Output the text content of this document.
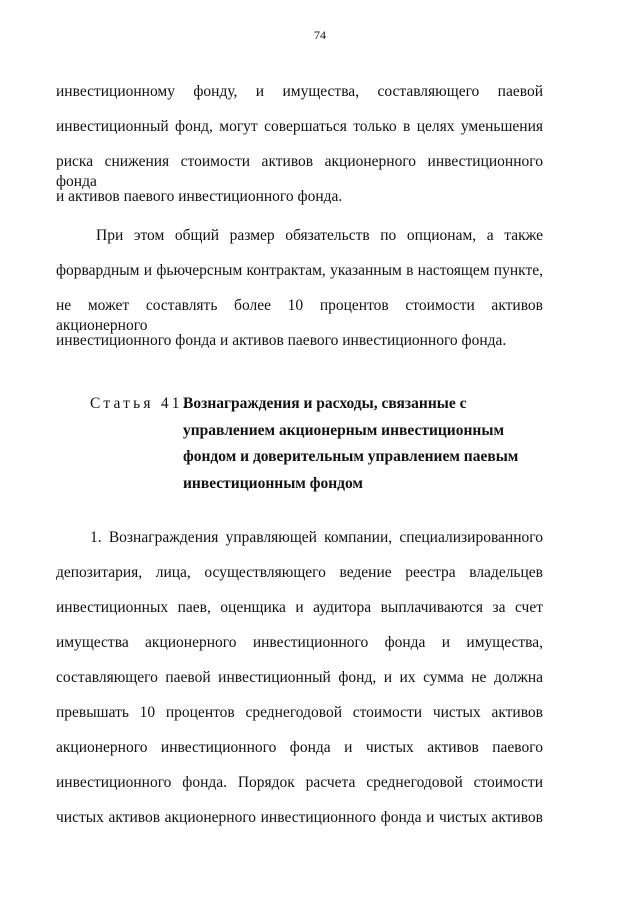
74
инвестиционному фонду, и имущества, составляющего паевой
инвестиционный фонд, могут совершаться только в целях уменьшения
риска снижения стоимости активов акционерного инвестиционного фонда
и активов паевого инвестиционного фонда.
При этом общий размер обязательств по опционам, а также
форвардным и фьючерсным контрактам, указанным в настоящем пункте,
не может составлять более 10 процентов стоимости активов акционерного
инвестиционного фонда и активов паевого инвестиционного фонда.
Статья 41.
Вознаграждения и расходы, связанные с
управлением акционерным инвестиционным
фондом и доверительным управлением паевым
инвестиционным фондом
1. Вознаграждения управляющей компании, специализированного
депозитария, лица, осуществляющего ведение реестра владельцев
инвестиционных паев, оценщика и аудитора выплачиваются за счет
имущества акционерного инвестиционного фонда и имущества,
составляющего паевой инвестиционный фонд, и их сумма не должна
превышать 10 процентов среднегодовой стоимости чистых активов
акционерного инвестиционного фонда и чистых активов паевого
инвестиционного фонда. Порядок расчета среднегодовой стоимости
чистых активов акционерного инвестиционного фонда и чистых активов
